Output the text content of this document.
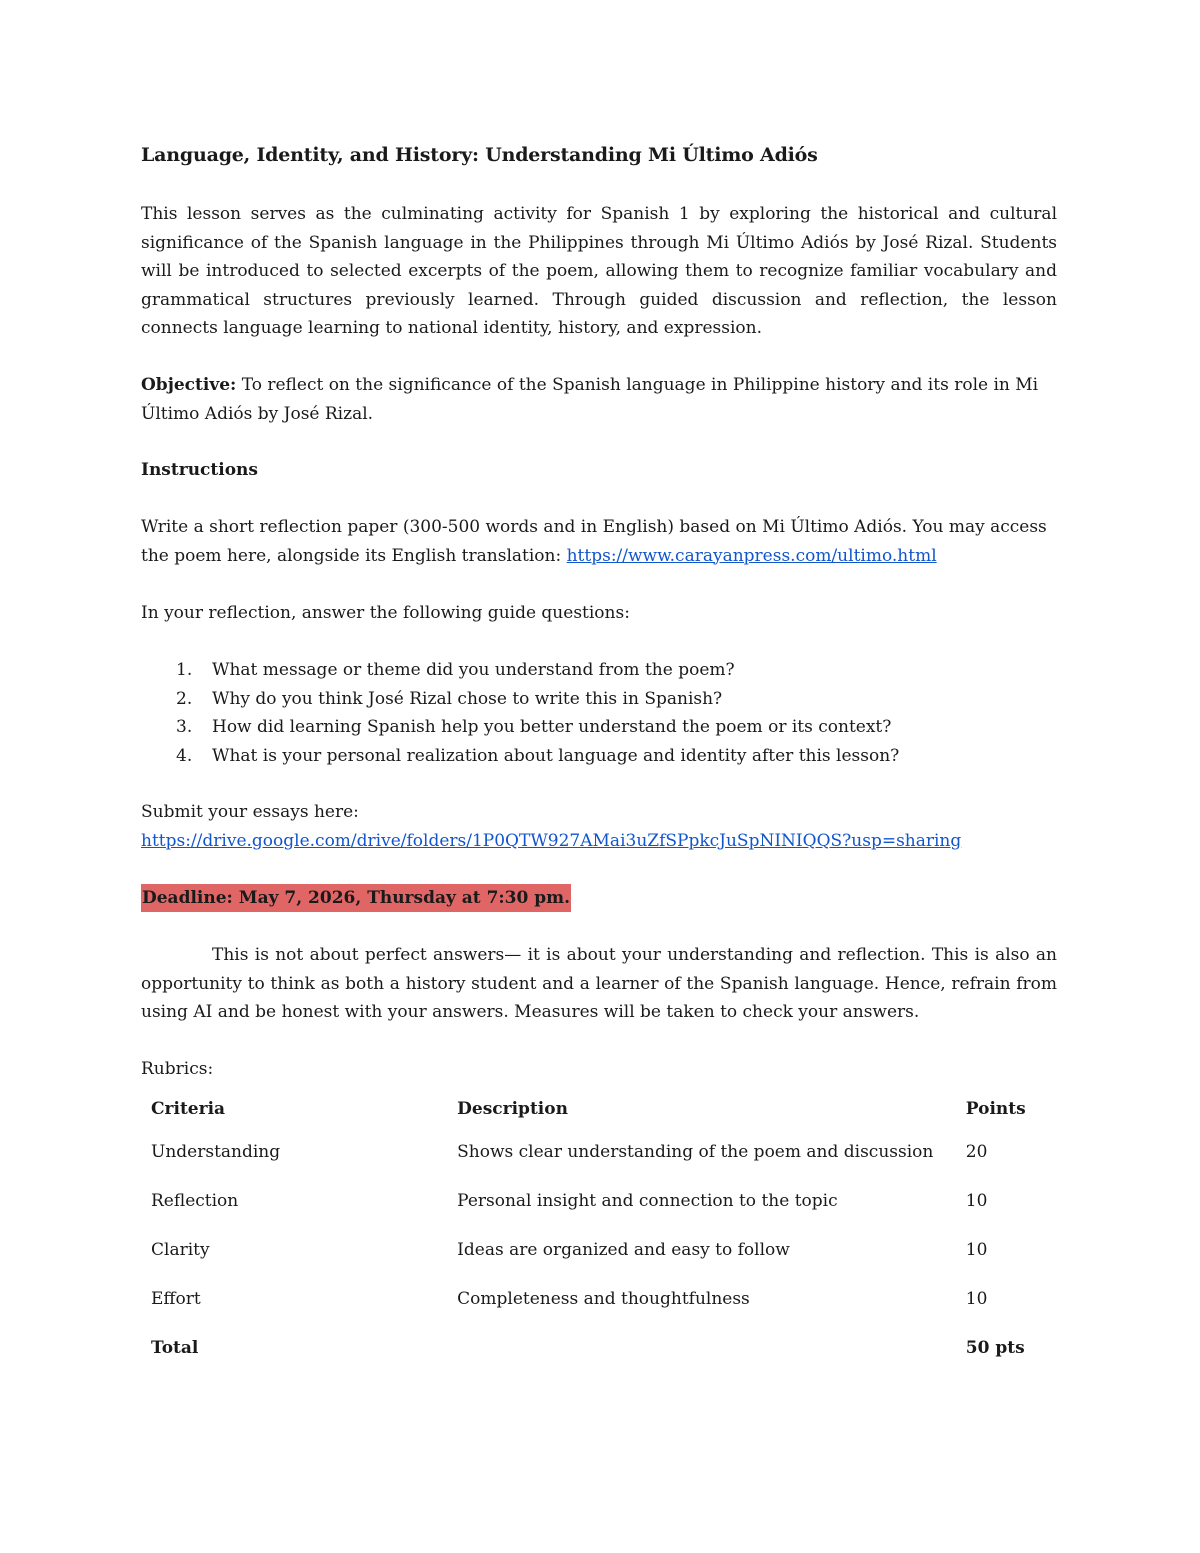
Language, Identity, and History: Understanding Mi Último Adiós

This lesson serves as the culminating activity for Spanish 1 by exploring the historical and cultural significance of the Spanish language in the Philippines through Mi Último Adiós by José Rizal. Students will be introduced to selected excerpts of the poem, allowing them to recognize familiar vocabulary and grammatical structures previously learned. Through guided discussion and reflection, the lesson connects language learning to national identity, history, and expression.

Objective: To reflect on the significance of the Spanish language in Philippine history and its role in Mi Último Adiós by José Rizal.

Instructions

Write a short reflection paper (300-500 words and in English) based on Mi Último Adiós. You may access the poem here, alongside its English translation: https://www.carayanpress.com/ultimo.html

In your reflection, answer the following guide questions:

1. What message or theme did you understand from the poem?
2. Why do you think José Rizal chose to write this in Spanish?
3. How did learning Spanish help you better understand the poem or its context?
4. What is your personal realization about language and identity after this lesson?

Submit your essays here:
https://drive.google.com/drive/folders/1P0QTW927AMai3uZfSPpkcJuSpNINIQQS?usp=sharing

Deadline: May 7, 2026, Thursday at 7:30 pm.

This is not about perfect answers— it is about your understanding and reflection. This is also an opportunity to think as both a history student and a learner of the Spanish language. Hence, refrain from using AI and be honest with your answers. Measures will be taken to check your answers.

Rubrics:

Criteria	Description	Points
Understanding	Shows clear understanding of the poem and discussion	20
Reflection	Personal insight and connection to the topic	10
Clarity	Ideas are organized and easy to follow	10
Effort	Completeness and thoughtfulness	10
Total		50 pts
